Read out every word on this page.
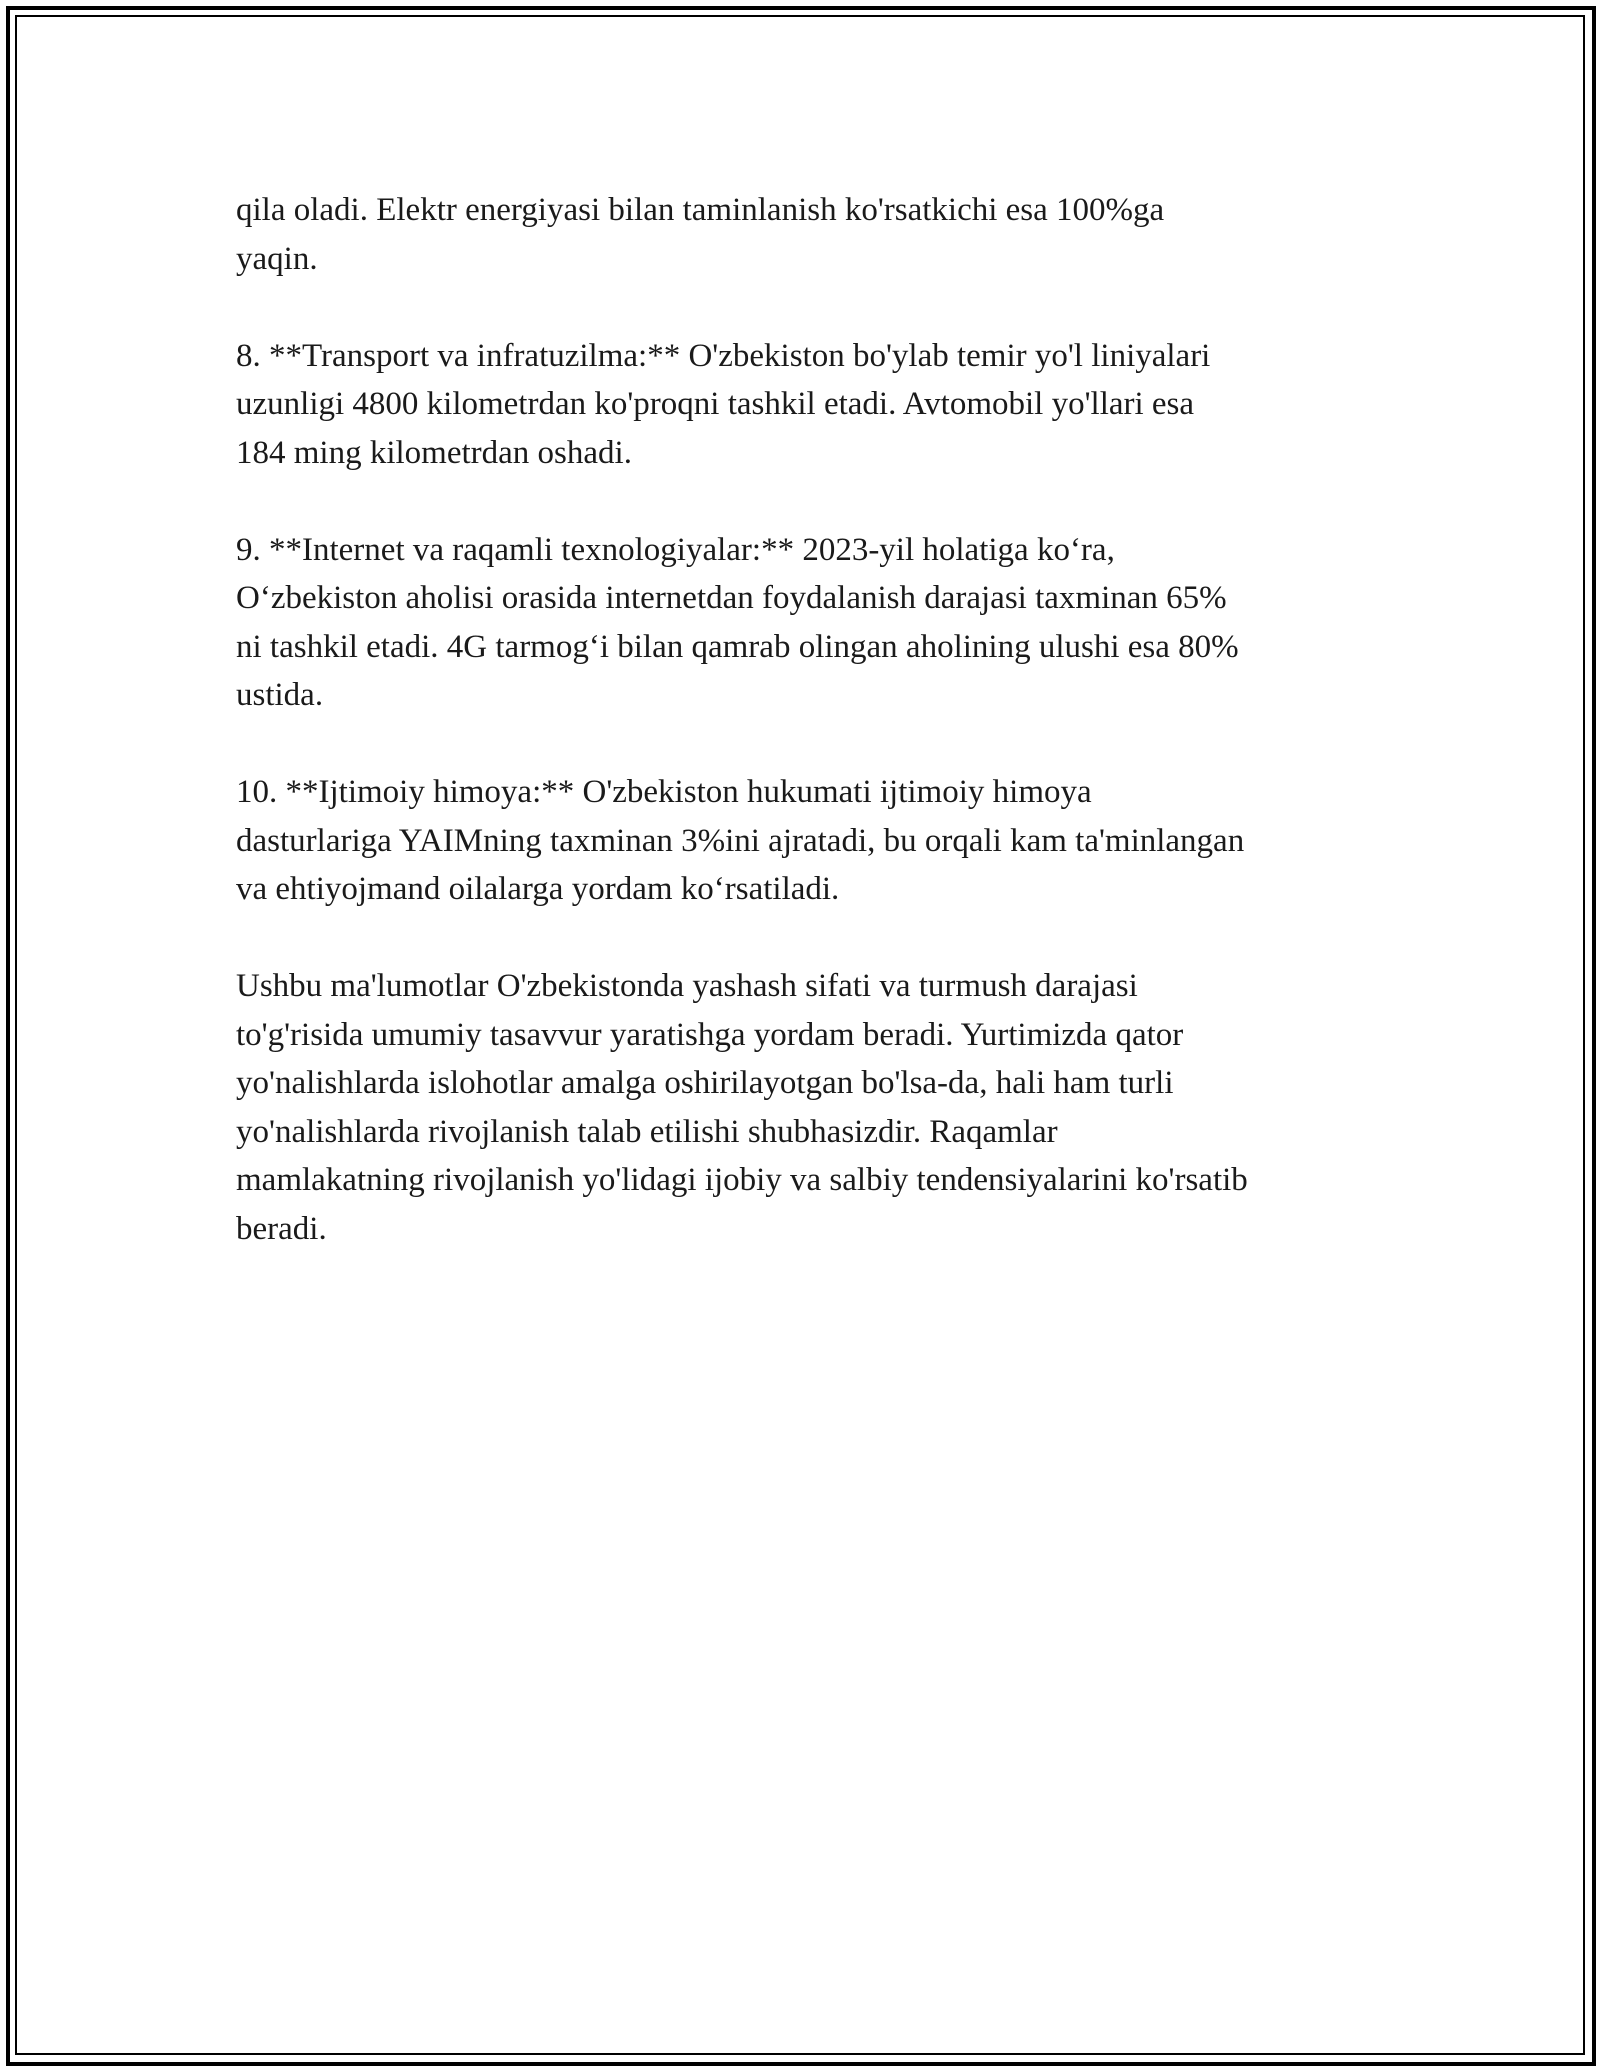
qila oladi. Elektr energiyasi bilan taminlanish ko'rsatkichi esa 100%ga
yaqin.

8. **Transport va infratuzilma:** O'zbekiston bo'ylab temir yo'l liniyalari
uzunligi 4800 kilometrdan ko'proqni tashkil etadi. Avtomobil yo'llari esa
184 ming kilometrdan oshadi.

9. **Internet va raqamli texnologiyalar:** 2023-yil holatiga koʻra,
Oʻzbekiston aholisi orasida internetdan foydalanish darajasi taxminan 65%
ni tashkil etadi. 4G tarmogʻi bilan qamrab olingan aholining ulushi esa 80%
ustida.

10. **Ijtimoiy himoya:** O'zbekiston hukumati ijtimoiy himoya
dasturlariga YAIMning taxminan 3%ini ajratadi, bu orqali kam ta'minlangan
va ehtiyojmand oilalarga yordam koʻrsatiladi.

Ushbu ma'lumotlar O'zbekistonda yashash sifati va turmush darajasi
to'g'risida umumiy tasavvur yaratishga yordam beradi. Yurtimizda qator
yo'nalishlarda islohotlar amalga oshirilayotgan bo'lsa-da, hali ham turli
yo'nalishlarda rivojlanish talab etilishi shubhasizdir. Raqamlar
mamlakatning rivojlanish yo'lidagi ijobiy va salbiy tendensiyalarini ko'rsatib
beradi.
